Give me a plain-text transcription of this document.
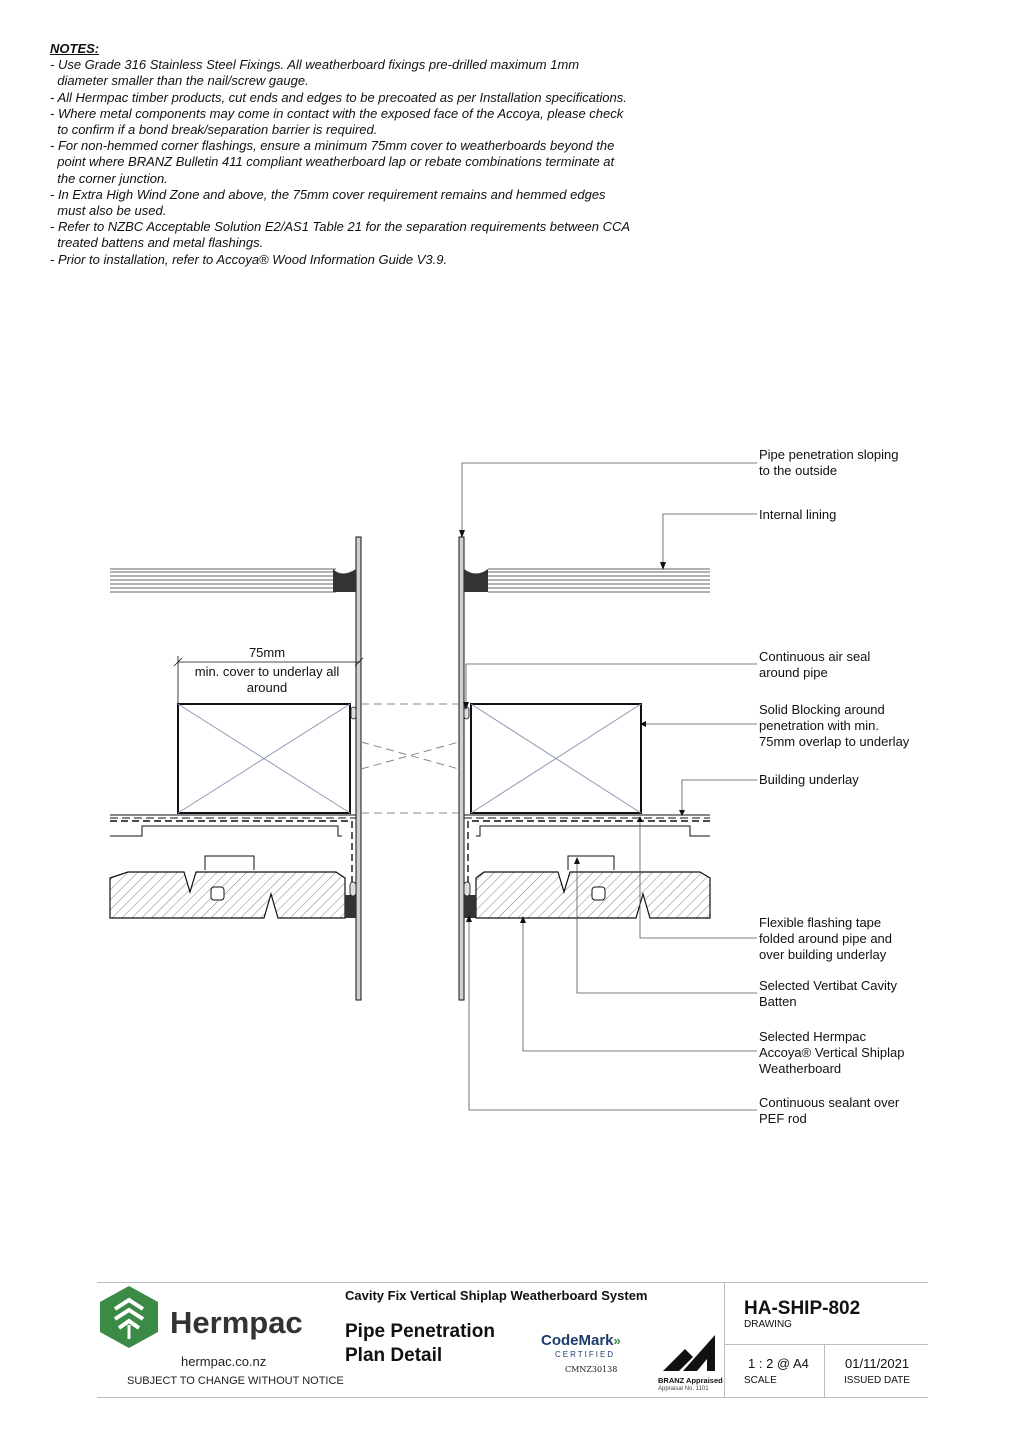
NOTES:

- Use Grade 316 Stainless Steel Fixings. All weatherboard fixings pre-drilled maximum 1mm
diameter smaller than the nail/screw gauge.

- All Hermpac timber products, cut ends and edges to be precoated as per Installation specifications.

- Where metal components may come in contact with the exposed face of the Accoya, please check
to confirm if a bond break/separation barrier is required.

- For non-hemmed corner flashings, ensure a minimum 75mm cover to weatherboards beyond the
point where BRANZ Bulletin 411 compliant weatherboard lap or rebate combinations terminate at
the corner junction.

- In Extra High Wind Zone and above, the 75mm cover requirement remains and hemmed edges
must also be used.

- Refer to NZBC Acceptable Solution E2/AS1 Table 21 for the separation requirements between CCA
treated battens and metal flashings.

- Prior to installation, refer to Accoya® Wood Information Guide V3.9.

75mm
min. cover to underlay all
around
Pipe penetration sloping to the outside
Internal lining
Continuous air seal around pipe
Solid Blocking around penetration with min. 75mm overlap to underlay
Building underlay
Flexible flashing tape folded around pipe and over building underlay
Selected Vertibat Cavity Batten
Selected Hermpac Accoya® Vertical Shiplap Weatherboard
Continuous sealant over PEF rod
Hermpac
hermpac.co.nz
SUBJECT TO CHANGE WITHOUT NOTICE
Cavity Fix Vertical Shiplap Weatherboard System
Pipe Penetration
Plan Detail
CodeMark»
CERTIFIED
CMNZ30138
BRANZ Appraised
Appraisal No. 1101
HA-SHIP-802
DRAWING
1 : 2 @ A4
SCALE
01/11/2021
ISSUED DATE
